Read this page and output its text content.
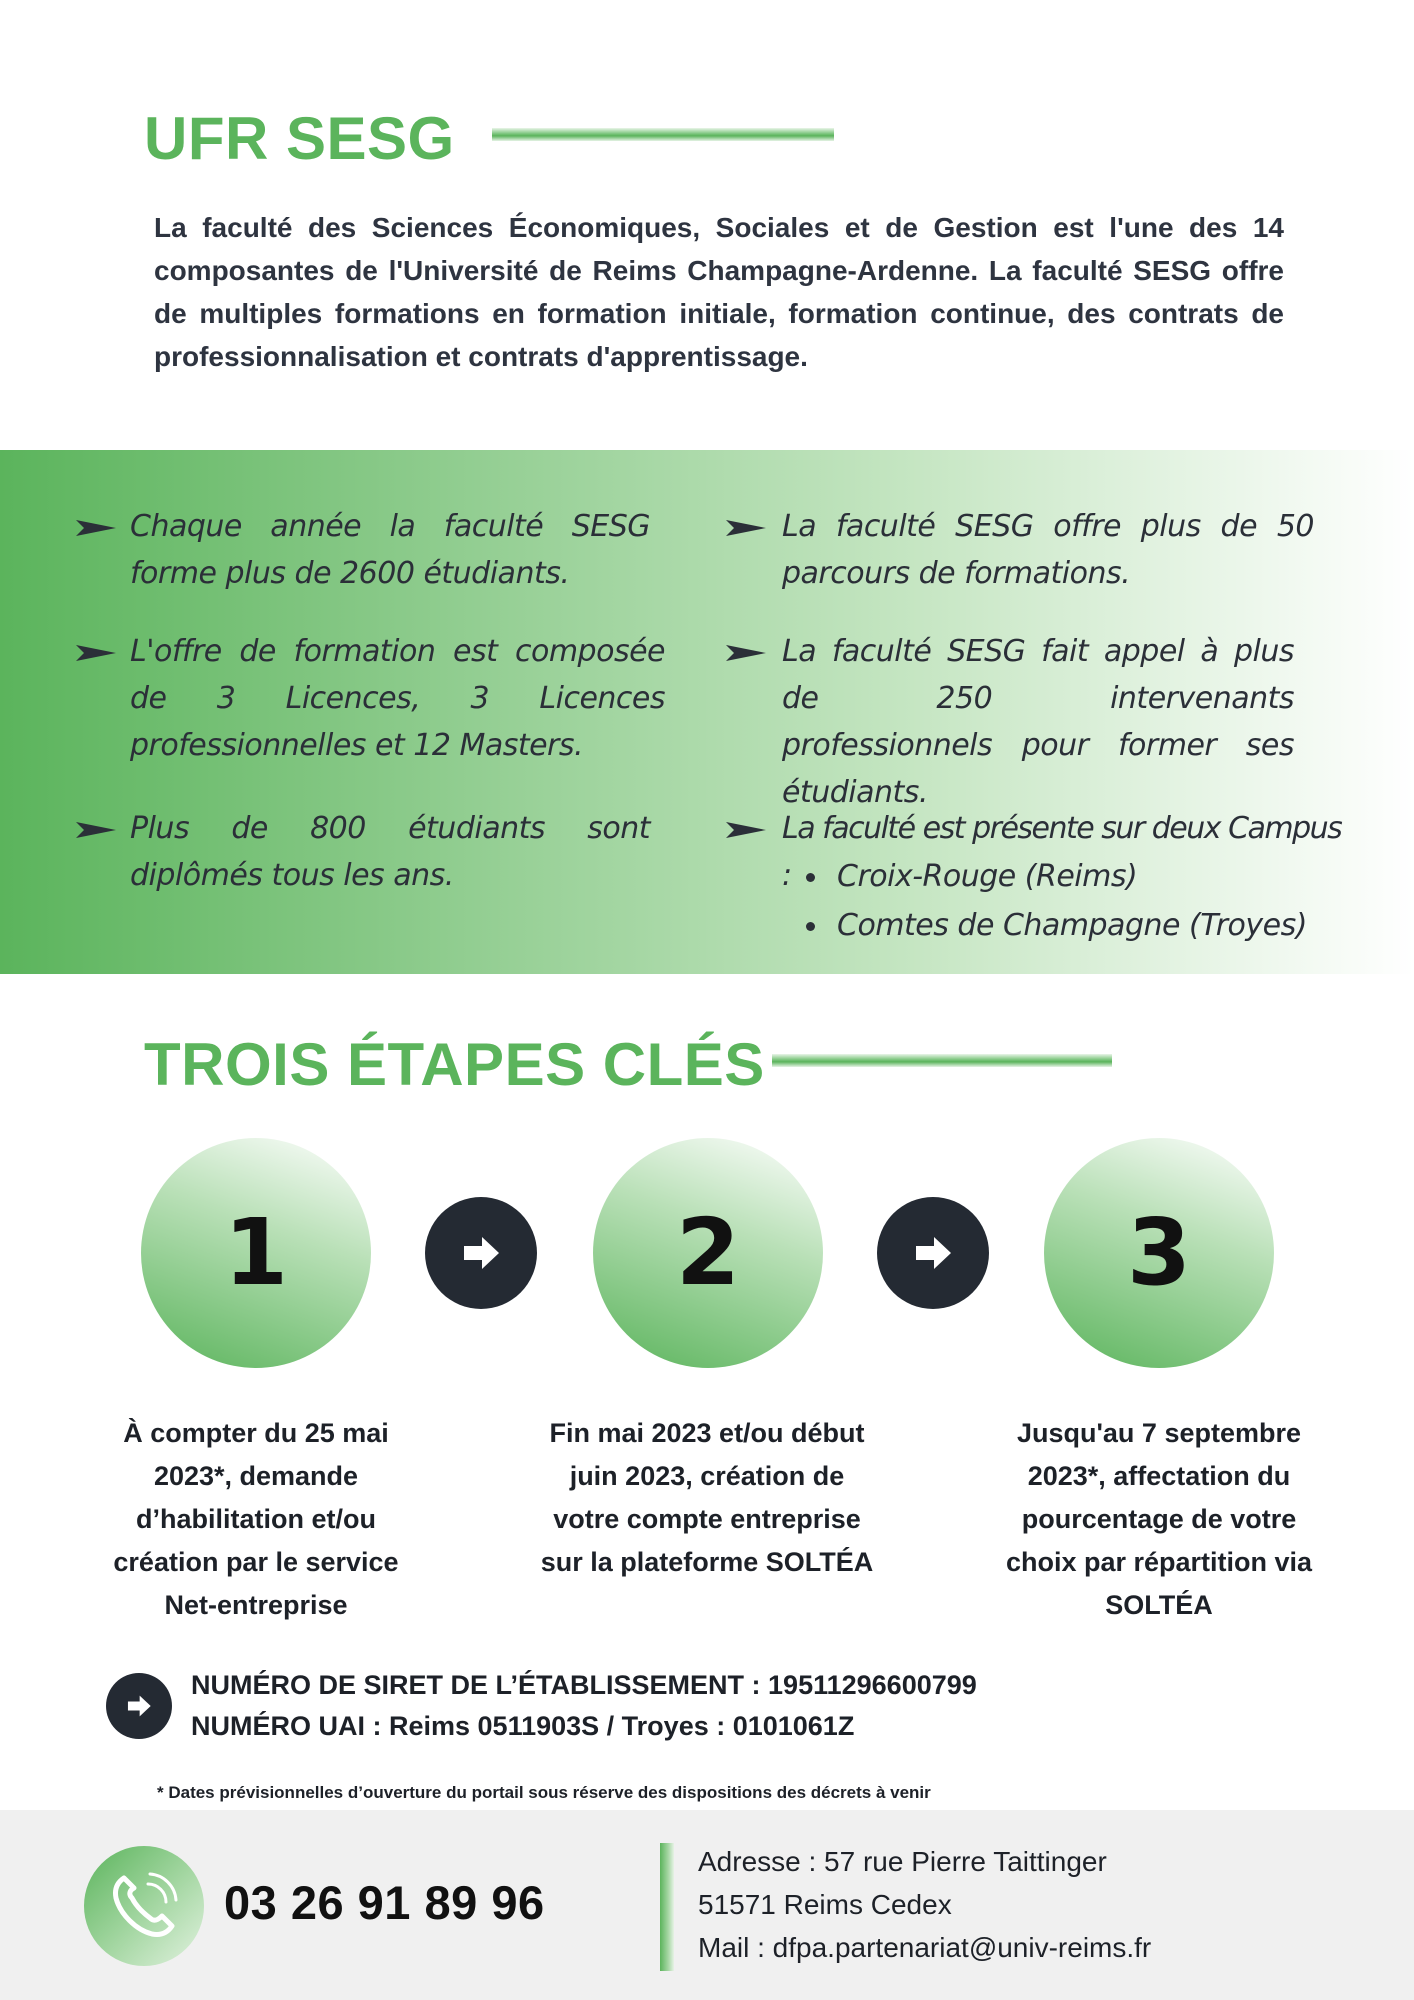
UFR SESG
La faculté des Sciences Économiques, Sociales et de Gestion est l'une des 14 composantes de l'Université de Reims Champagne-Ardenne. La faculté SESG offre de multiples formations en formation initiale, formation continue, des contrats de professionnalisation et contrats d'apprentissage.
Chaque année la faculté SESG forme plus de 2600 étudiants.
L'offre de formation est composée de 3 Licences, 3 Licences professionnelles et 12 Masters.
Plus de 800 étudiants sont diplômés tous les ans.
La faculté SESG offre plus de 50 parcours de formations.
La faculté SESG fait appel à plus de 250 intervenants professionnels pour former ses étudiants.
La faculté est présente sur deux Campus :	Croix-Rouge (Reims)
Comtes de Champagne (Troyes)
TROIS ÉTAPES CLÉS
1	2	3
À compter du 25 mai 2023*, demande d’habilitation et/ou création par le service Net-entreprise
Fin mai 2023 et/ou début juin 2023, création de votre compte entreprise sur la plateforme SOLTÉA
Jusqu'au 7 septembre 2023*, affectation du pourcentage de votre choix par répartition via SOLTÉA
NUMÉRO DE SIRET DE L’ÉTABLISSEMENT : 19511296600799
NUMÉRO UAI : Reims 0511903S / Troyes : 0101061Z
* Dates prévisionnelles d’ouverture du portail sous réserve des dispositions des décrets à venir
03 26 91 89 96
Adresse : 57 rue Pierre Taittinger
51571 Reims Cedex
Mail : dfpa.partenariat@univ-reims.fr
